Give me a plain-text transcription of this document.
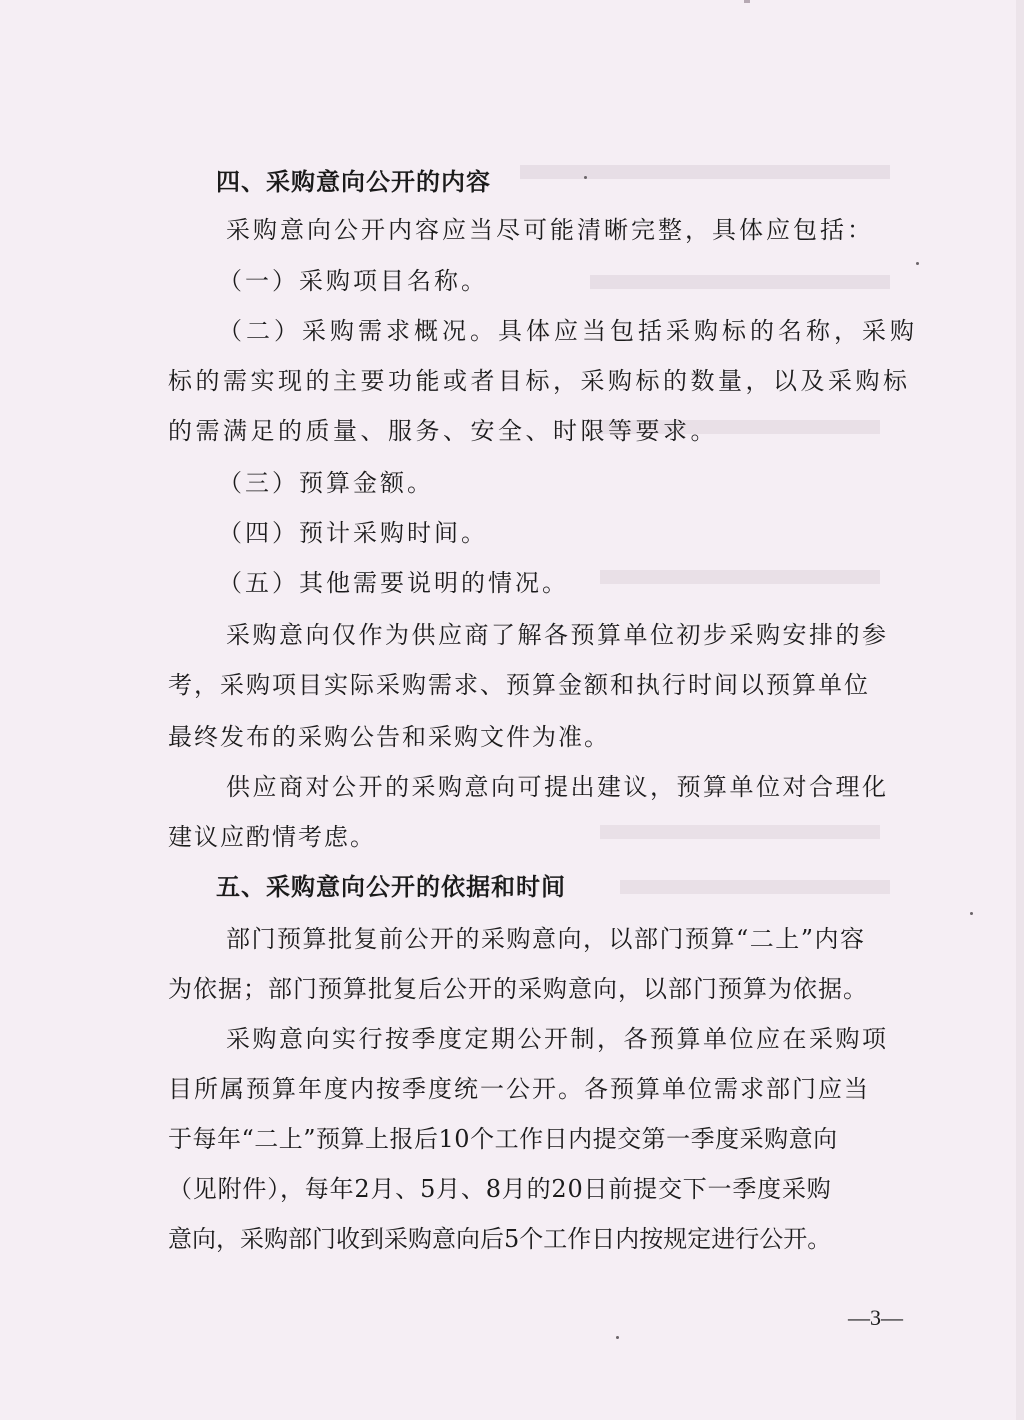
四、采购意向公开的内容
采购意向公开内容应当尽可能清晰完整，具体应包括：
（一）采购项目名称。
（二）采购需求概况。具体应当包括采购标的名称，采购
标的需实现的主要功能或者目标，采购标的数量，以及采购标
的需满足的质量、服务、安全、时限等要求。
（三）预算金额。
（四）预计采购时间。
（五）其他需要说明的情况。
采购意向仅作为供应商了解各预算单位初步采购安排的参
考，采购项目实际采购需求、预算金额和执行时间以预算单位
最终发布的采购公告和采购文件为准。
供应商对公开的采购意向可提出建议，预算单位对合理化
建议应酌情考虑。
五、采购意向公开的依据和时间
部门预算批复前公开的采购意向，以部门预算“二上”内容
为依据；部门预算批复后公开的采购意向，以部门预算为依据。
采购意向实行按季度定期公开制，各预算单位应在采购项
目所属预算年度内按季度统一公开。各预算单位需求部门应当
于每年“二上”预算上报后10个工作日内提交第一季度采购意向
（见附件），每年2月、5月、8月的20日前提交下一季度采购
意向，采购部门收到采购意向后5个工作日内按规定进行公开。
—3—
